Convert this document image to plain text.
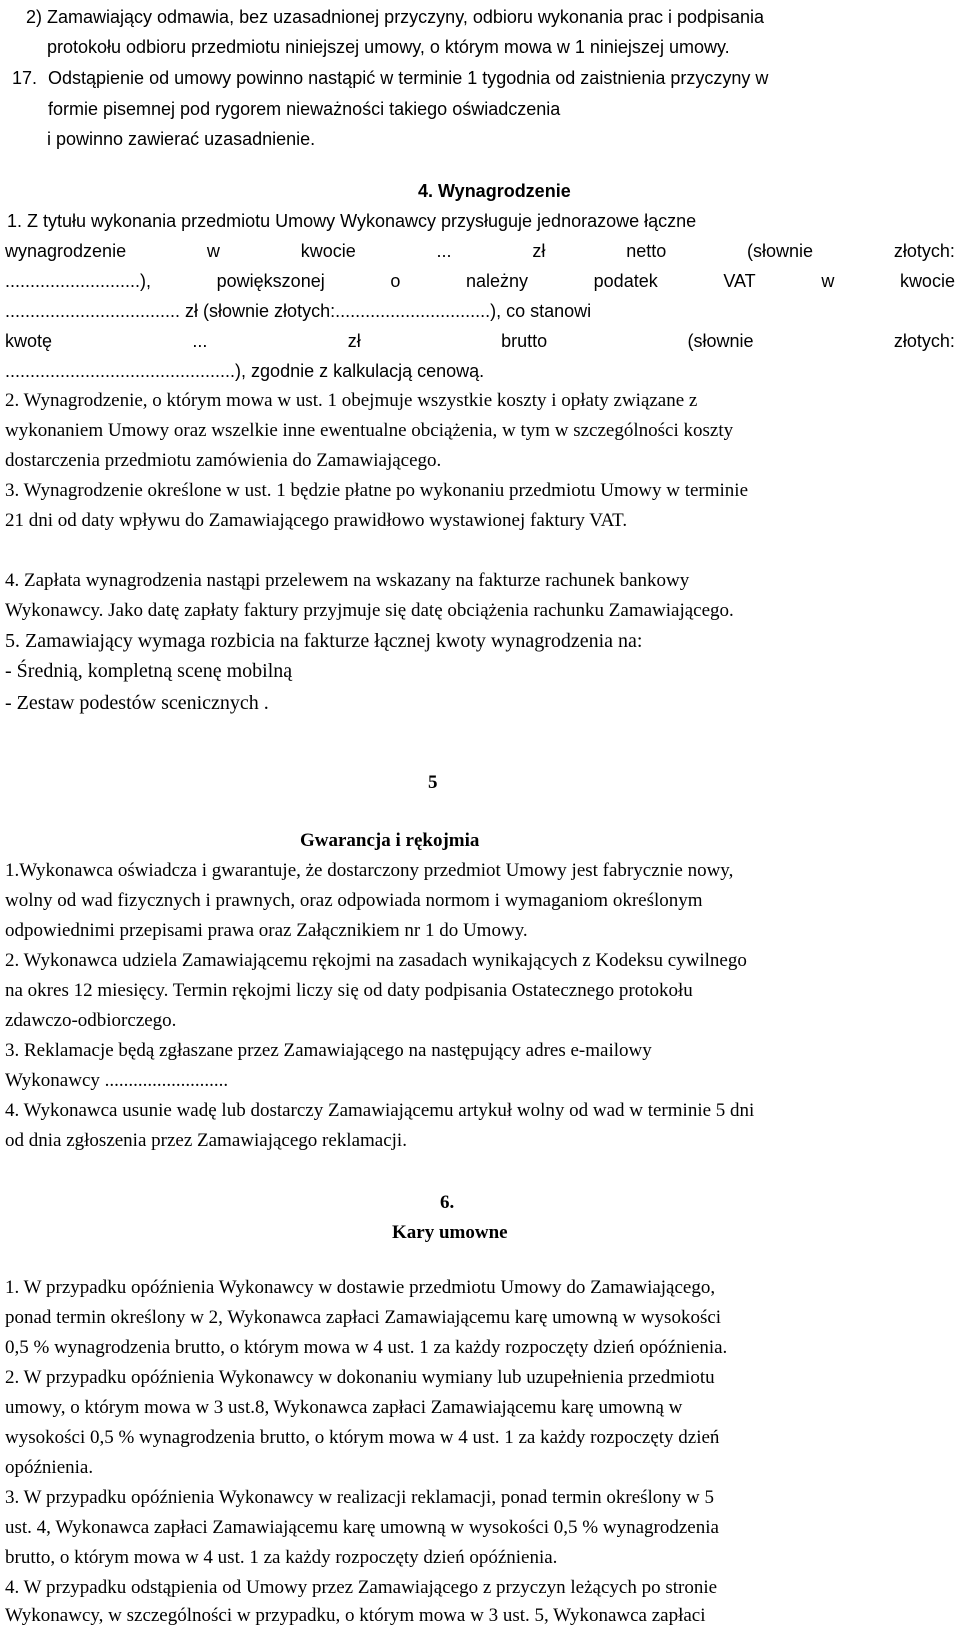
2) Zamawiający odmawia, bez uzasadnionej przyczyny, odbioru wykonania prac i podpisania
protokołu odbioru przedmiotu niniejszej umowy, o którym mowa w 1 niniejszej umowy.
17. Odstąpienie od umowy powinno nastąpić w terminie 1 tygodnia od zaistnienia przyczyny w
formie pisemnej pod rygorem nieważności takiego oświadczenia
i powinno zawierać uzasadnienie.
4. Wynagrodzenie
1. Z tytułu wykonania przedmiotu Umowy Wykonawcy przysługuje jednorazowe łączne
wynagrodzenie	w	kwocie	...	zł	netto	(słownie	złotych:
...........................),	powiększonej	o	należny	podatek	VAT	w	kwocie
................................... zł (słownie złotych:...............................), co stanowi
kwotę	...	zł	brutto	(słownie	złotych:
..............................................), zgodnie z kalkulacją cenową.
2. Wynagrodzenie, o którym mowa w ust. 1 obejmuje wszystkie koszty i opłaty związane z
wykonaniem Umowy oraz wszelkie inne ewentualne obciążenia, w tym w szczególności koszty
dostarczenia przedmiotu zamówienia do Zamawiającego.
3. Wynagrodzenie określone w ust. 1 będzie płatne po wykonaniu przedmiotu Umowy w terminie
21 dni od daty wpływu do Zamawiającego prawidłowo wystawionej faktury VAT.
4. Zapłata wynagrodzenia nastąpi przelewem na wskazany na fakturze rachunek bankowy
Wykonawcy. Jako datę zapłaty faktury przyjmuje się datę obciążenia rachunku Zamawiającego.
5. Zamawiający wymaga rozbicia na fakturze łącznej kwoty wynagrodzenia na:
- Średnią, kompletną scenę mobilną
- Zestaw podestów scenicznych .
5
Gwarancja i rękojmia
1.Wykonawca oświadcza i gwarantuje, że dostarczony przedmiot Umowy jest fabrycznie nowy,
wolny od wad fizycznych i prawnych, oraz odpowiada normom i wymaganiom określonym
odpowiednimi przepisami prawa oraz Załącznikiem nr 1 do Umowy.
2. Wykonawca udziela Zamawiającemu rękojmi na zasadach wynikających z Kodeksu cywilnego
na okres 12 miesięcy. Termin rękojmi liczy się od daty podpisania Ostatecznego protokołu
zdawczo-odbiorczego.
3. Reklamacje będą zgłaszane przez Zamawiającego na następujący adres e-mailowy
Wykonawcy ..........................
4. Wykonawca usunie wadę lub dostarczy Zamawiającemu artykuł wolny od wad w terminie 5 dni
od dnia zgłoszenia przez Zamawiającego reklamacji.
6.
Kary umowne
1. W przypadku opóźnienia Wykonawcy w dostawie przedmiotu Umowy do Zamawiającego,
ponad termin określony w 2, Wykonawca zapłaci Zamawiającemu karę umowną w wysokości
0,5 % wynagrodzenia brutto, o którym mowa w 4 ust. 1 za każdy rozpoczęty dzień opóźnienia.
2. W przypadku opóźnienia Wykonawcy w dokonaniu wymiany lub uzupełnienia przedmiotu
umowy, o którym mowa w 3 ust.8, Wykonawca zapłaci Zamawiającemu karę umowną w
wysokości 0,5 % wynagrodzenia brutto, o którym mowa w 4 ust. 1 za każdy rozpoczęty dzień
opóźnienia.
3. W przypadku opóźnienia Wykonawcy w realizacji reklamacji, ponad termin określony w 5
ust. 4, Wykonawca zapłaci Zamawiającemu karę umowną w wysokości 0,5 % wynagrodzenia
brutto, o którym mowa w 4 ust. 1 za każdy rozpoczęty dzień opóźnienia.
4. W przypadku odstąpienia od Umowy przez Zamawiającego z przyczyn leżących po stronie
Wykonawcy, w szczególności w przypadku, o którym mowa w 3 ust. 5, Wykonawca zapłaci
